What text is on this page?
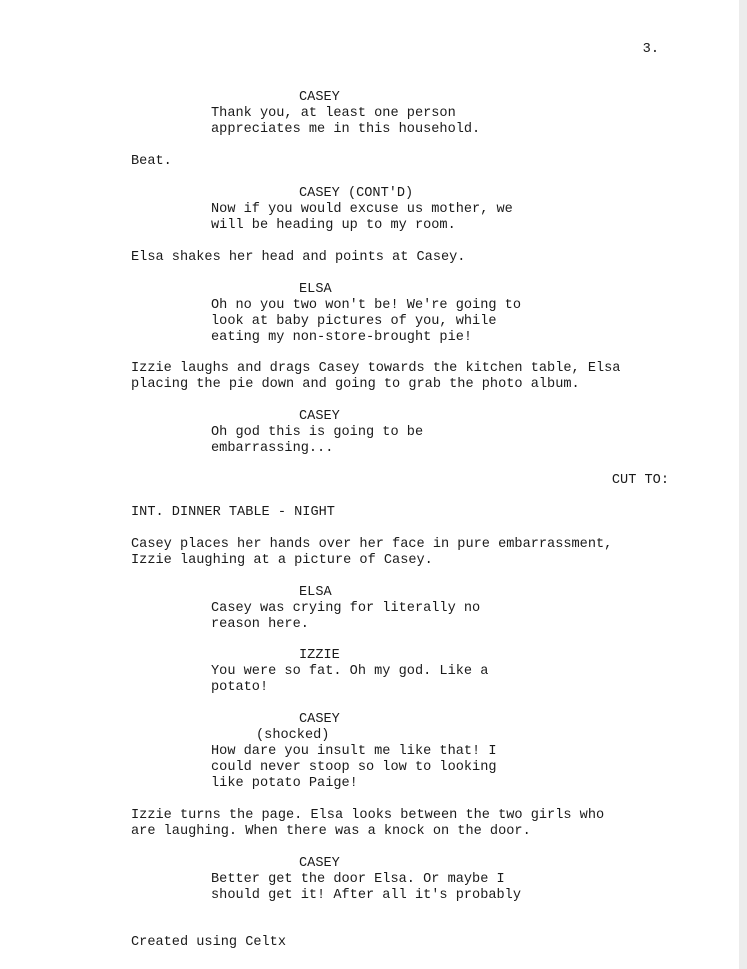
3.
CASEY
Thank you, at least one person
appreciates me in this household.
Beat.
CASEY (CONT'D)
Now if you would excuse us mother, we
will be heading up to my room.
Elsa shakes her head and points at Casey.
ELSA
Oh no you two won't be! We're going to
look at baby pictures of you, while
eating my non-store-brought pie!
Izzie laughs and drags Casey towards the kitchen table, Elsa
placing the pie down and going to grab the photo album.
CASEY
Oh god this is going to be
embarrassing...
CUT TO:
INT. DINNER TABLE - NIGHT
Casey places her hands over her face in pure embarrassment,
Izzie laughing at a picture of Casey.
ELSA
Casey was crying for literally no
reason here.
IZZIE
You were so fat. Oh my god. Like a
potato!
CASEY
(shocked)
How dare you insult me like that! I
could never stoop so low to looking
like potato Paige!
Izzie turns the page. Elsa looks between the two girls who
are laughing. When there was a knock on the door.
CASEY
Better get the door Elsa. Or maybe I
should get it! After all it's probably
Created using Celtx
